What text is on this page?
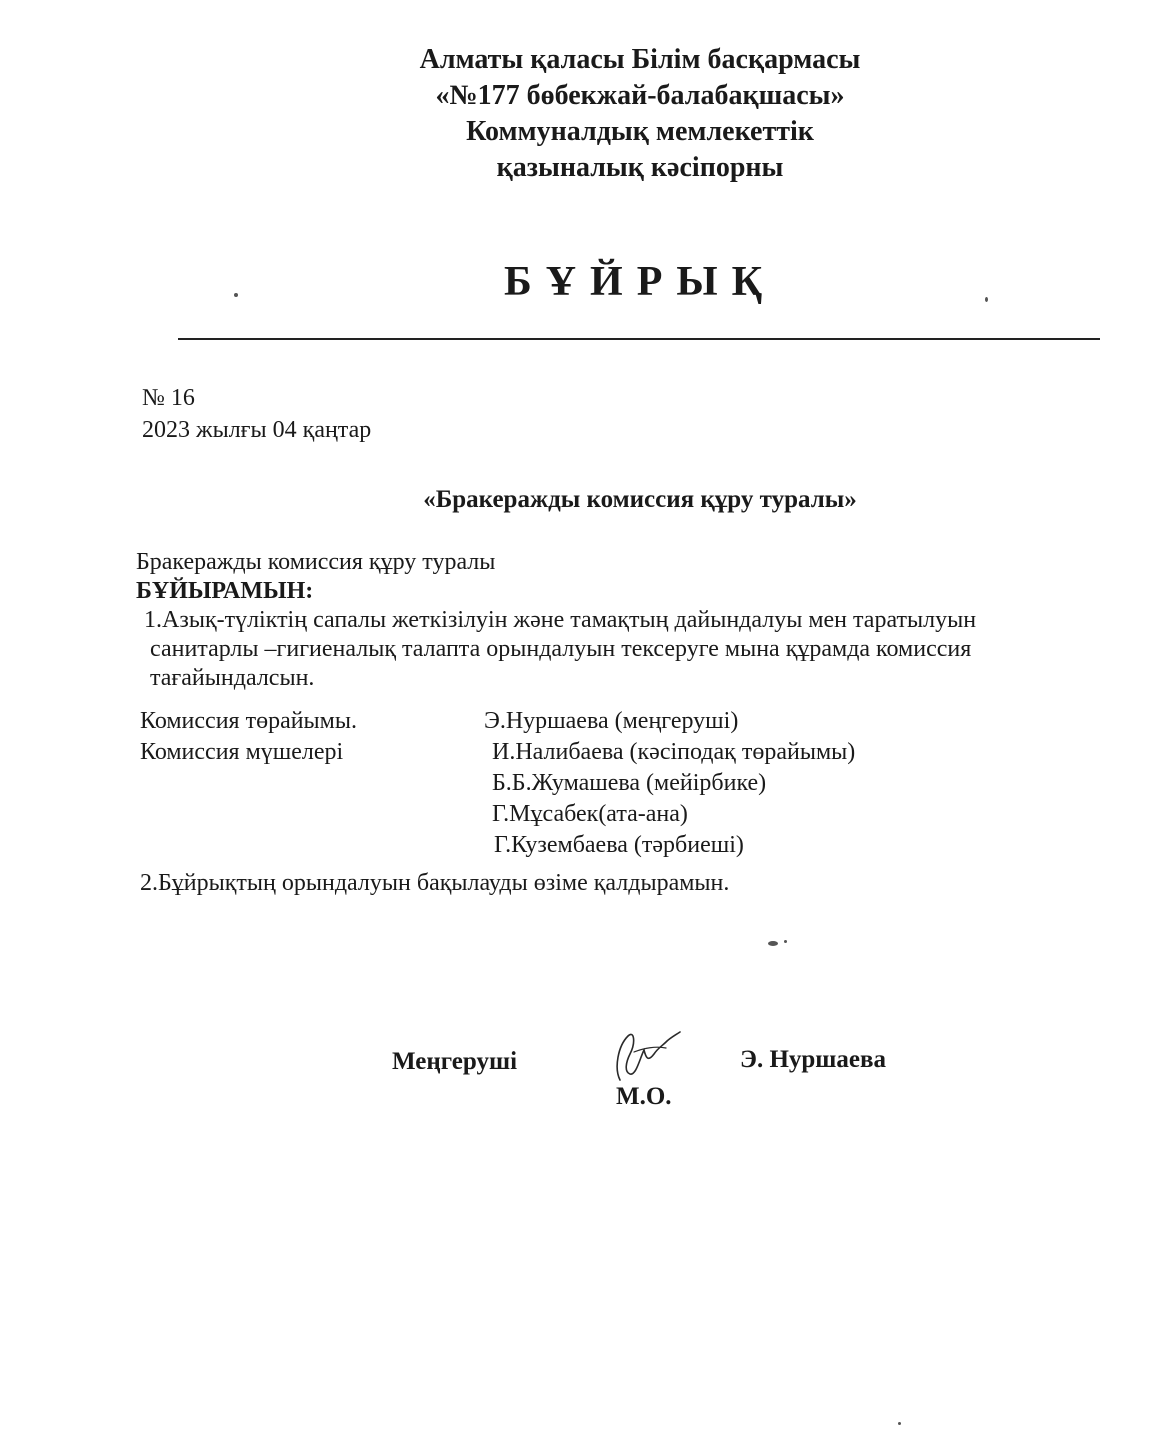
Алматы қаласы Білім басқармасы
«№177 бөбекжай-балабақшасы»
Коммуналдық мемлекеттік
қазыналық кәсіпорны
БҰЙРЫҚ
№ 16
2023 жылғы 04 қаңтар
«Бракеражды комиссия құру туралы»
Бракеражды комиссия құру туралы
БҰЙЫРАМЫН:
1.Азық-түліктің сапалы жеткізілуін және тамақтың дайындалуы мен таратылуын
санитарлы –гигиеналық талапта орындалуын тексеруге мына құрамда комиссия
тағайындалсын.
Комиссия төрайымы.	Э.Нуршаева (меңгеруші)
Комиссия мүшелері	И.Налибаева (кәсіподақ төрайымы)
Б.Б.Жумашева (мейірбике)
Г.Мұсабек(ата-ана)
Г.Кузембаева (тәрбиеші)
2.Бұйрықтың орындалуын бақылауды өзіме қалдырамын.
Меңгеруші
М.О.
Э. Нуршаева
